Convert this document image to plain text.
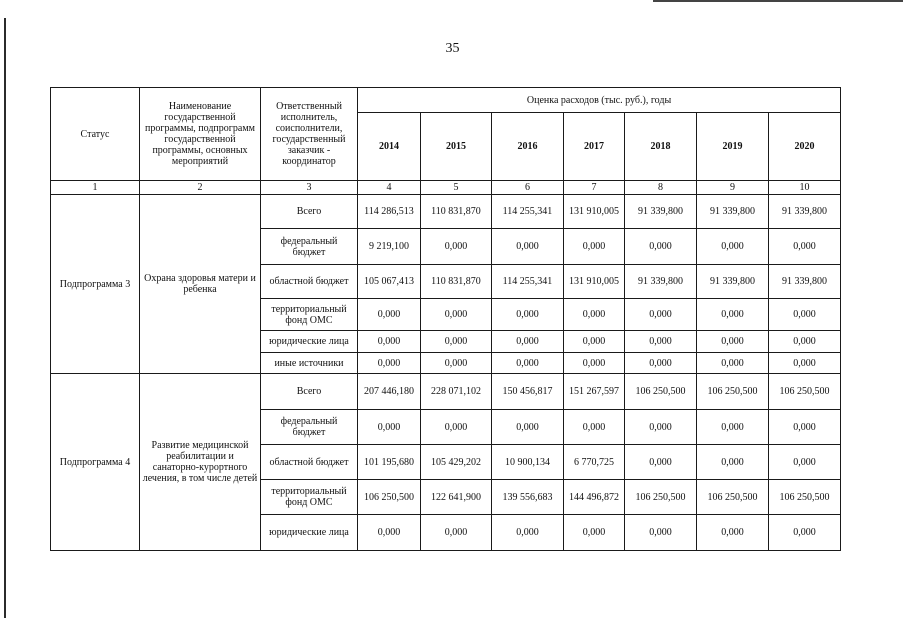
35
Статус	Наименование государственной программы, подпрограмм государственной программы, основных мероприятий	Ответственный исполнитель, соисполнители, государственный заказчик - координатор	Оценка расходов (тыс. руб.), годы						
			2014	2015	2016	2017	2018	2019	2020
1	2	3	4	5	6	7	8	9	10
Подпрограмма 3	Охрана здоровья матери и ребенка	Всего	114 286,513	110 831,870	114 255,341	131 910,005	91 339,800	91 339,800	91 339,800
		федеральный бюджет	9 219,100	0,000	0,000	0,000	0,000	0,000	0,000
		областной бюджет	105 067,413	110 831,870	114 255,341	131 910,005	91 339,800	91 339,800	91 339,800
		территориальный фонд ОМС	0,000	0,000	0,000	0,000	0,000	0,000	0,000
		юридические лица	0,000	0,000	0,000	0,000	0,000	0,000	0,000
		иные источники	0,000	0,000	0,000	0,000	0,000	0,000	0,000
Подпрограмма 4	Развитие медицинской реабилитации и санаторно-курортного лечения, в том числе детей	Всего	207 446,180	228 071,102	150 456,817	151 267,597	106 250,500	106 250,500	106 250,500
		федеральный бюджет	0,000	0,000	0,000	0,000	0,000	0,000	0,000
		областной бюджет	101 195,680	105 429,202	10 900,134	6 770,725	0,000	0,000	0,000
		территориальный фонд ОМС	106 250,500	122 641,900	139 556,683	144 496,872	106 250,500	106 250,500	106 250,500
		юридические лица	0,000	0,000	0,000	0,000	0,000	0,000	0,000
